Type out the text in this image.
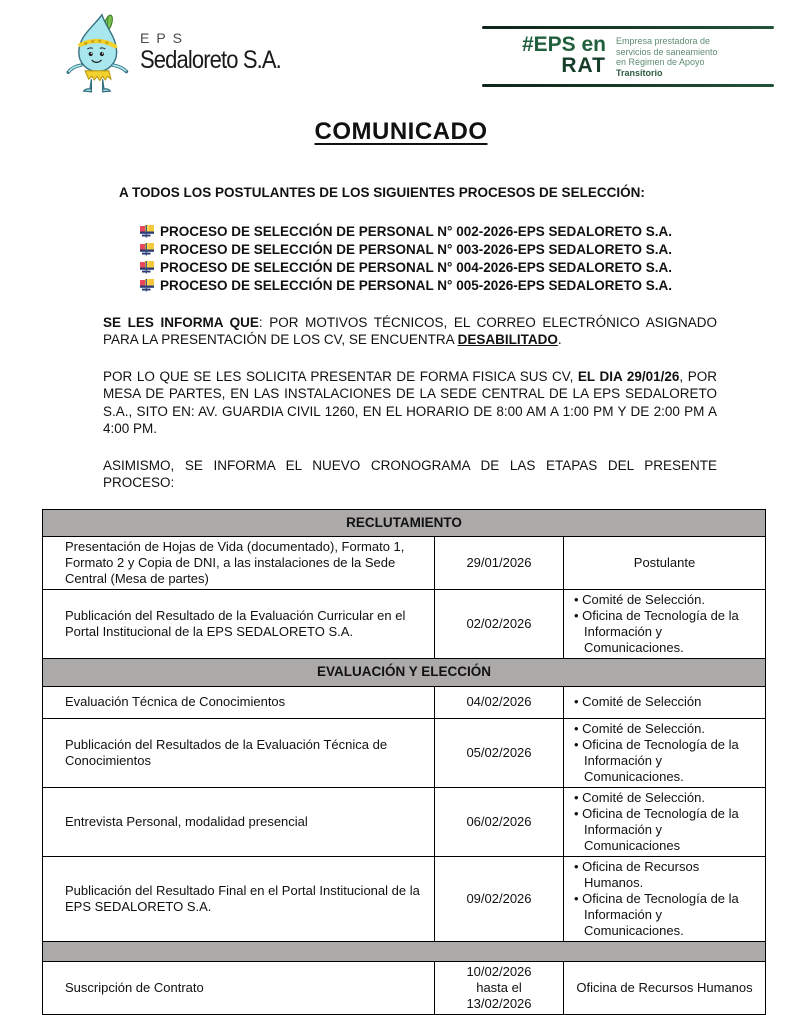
EPS
Sedaloreto S.A.
#EPS en
RAT
Empresa prestadora de
servicios de saneamiento
en Régimen de Apoyo
Transitorio
COMUNICADO

A TODOS LOS POSTULANTES DE LOS SIGUIENTES PROCESOS DE SELECCIÓN:

PROCESO DE SELECCIÓN DE PERSONAL N° 002-2026-EPS SEDALORETO S.A.
PROCESO DE SELECCIÓN DE PERSONAL N° 003-2026-EPS SEDALORETO S.A.
PROCESO DE SELECCIÓN DE PERSONAL N° 004-2026-EPS SEDALORETO S.A.
PROCESO DE SELECCIÓN DE PERSONAL N° 005-2026-EPS SEDALORETO S.A.

SE LES INFORMA QUE: POR MOTIVOS TÉCNICOS, EL CORREO ELECTRÓNICO ASIGNADO PARA LA PRESENTACIÓN DE LOS CV, SE ENCUENTRA DESABILITADO.

POR LO QUE SE LES SOLICITA PRESENTAR DE FORMA FISICA SUS CV, EL DIA 29/01/26, POR MESA DE PARTES, EN LAS INSTALACIONES DE LA SEDE CENTRAL DE LA EPS SEDALORETO S.A., SITO EN: AV. GUARDIA CIVIL 1260, EN EL HORARIO DE 8:00 AM A 1:00 PM Y DE 2:00 PM A 4:00 PM.

ASIMISMO, SE INFORMA EL NUEVO CRONOGRAMA DE LAS ETAPAS DEL PRESENTE PROCESO:

RECLUTAMIENTO		
Presentación de Hojas de Vida (documentado), Formato 1, Formato 2 y Copia de DNI, a las instalaciones de la Sede Central (Mesa de partes)	29/01/2026	Postulante
Publicación del Resultado de la Evaluación Curricular en el Portal Institucional de la EPS SEDALORETO S.A.	02/02/2026	• Comité de Selección.
• Oficina de Tecnología de la Información y Comunicaciones.

EVALUACIÓN Y ELECCIÓN		
Evaluación Técnica de Conocimientos	04/02/2026	• Comité de Selección

Publicación del Resultados de la Evaluación Técnica de Conocimientos	05/02/2026	• Comité de Selección.
• Oficina de Tecnología de la Información y Comunicaciones.

Entrevista Personal, modalidad presencial	06/02/2026	• Comité de Selección.
• Oficina de Tecnología de la Información y Comunicaciones

Publicación del Resultado Final en el Portal Institucional de la EPS SEDALORETO S.A.	09/02/2026	• Oficina de Recursos Humanos.
• Oficina de Tecnología de la Información y Comunicaciones.

Suscripción de Contrato	10/02/2026
hasta el
13/02/2026	Oficina de Recursos Humanos
